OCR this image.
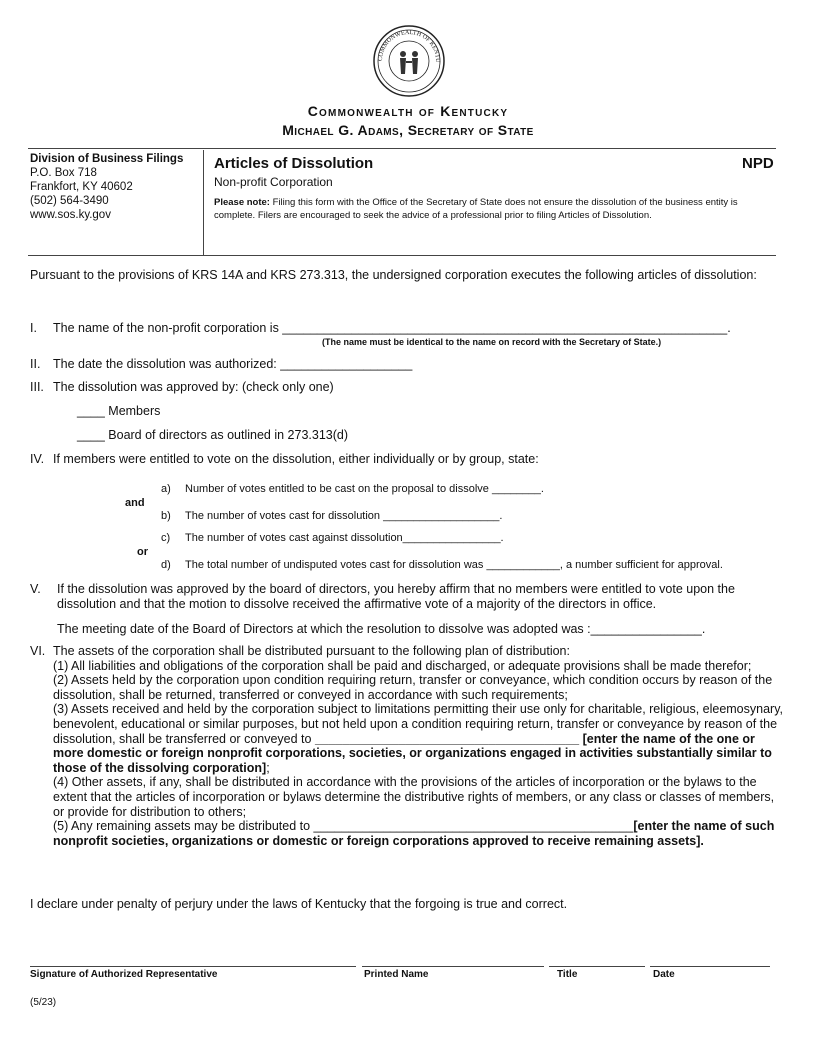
COMMONWEALTH OF KENTU
Commonwealth of Kentucky
Michael G. Adams, Secretary of State
Division of Business Filings
P.O. Box 718
Frankfort, KY 40602
(502) 564-3490
www.sos.ky.gov
Articles of Dissolution	NPD
Non-profit Corporation
Please note: Filing this form with the Office of the Secretary of State does not ensure the dissolution of the business entity is complete. Filers are encouraged to seek the advice of a professional prior to filing Articles of Dissolution.
Pursuant to the provisions of KRS 14A and KRS 273.313, the undersigned corporation executes the following articles of dissolution:
I.	The name of the non-profit corporation is ________________________________________________________________.
(The name must be identical to the name on record with the Secretary of State.)
II.	The date the dissolution was authorized: ___________________
III. The dissolution was approved by: (check only one)
____ Members
____ Board of directors as outlined in 273.313(d)
IV. If members were entitled to vote on the dissolution, either individually or by group, state:
a) Number of votes entitled to be cast on the proposal to dissolve ________.
and
b) The number of votes cast for dissolution ___________________.
c) The number of votes cast against dissolution________________.
or
d) The total number of undisputed votes cast for dissolution was ____________, a number sufficient for approval.
V.	If the dissolution was approved by the board of directors, you hereby affirm that no members were entitled to vote upon the dissolution and that the motion to dissolve received the affirmative vote of a majority of the directors in office.
The meeting date of the Board of Directors at which the resolution to dissolve was adopted was :________________.
VI. The assets of the corporation shall be distributed pursuant to the following plan of distribution:
(1) All liabilities and obligations of the corporation shall be paid and discharged, or adequate provisions shall be made therefor;
(2) Assets held by the corporation upon condition requiring return, transfer or conveyance, which condition occurs by reason of the dissolution, shall be returned, transferred or conveyed in accordance with such requirements;
(3) Assets received and held by the corporation subject to limitations permitting their use only for charitable, religious, eleemosynary, benevolent, educational or similar purposes, but not held upon a condition requiring return, transfer or conveyance by reason of the dissolution, shall be transferred or conveyed to ______________________________________ [enter the name of the one or more domestic or foreign nonprofit corporations, societies, or organizations engaged in activities substantially similar to those of the dissolving corporation];
(4) Other assets, if any, shall be distributed in accordance with the provisions of the articles of incorporation or the bylaws to the extent that the articles of incorporation or bylaws determine the distributive rights of members, or any class or classes of members, or provide for distribution to others;
(5) Any remaining assets may be distributed to ______________________________________________[enter the name of such nonprofit societies, organizations or domestic or foreign corporations approved to receive remaining assets].
I declare under penalty of perjury under the laws of Kentucky that the forgoing is true and correct.
Signature of Authorized Representative	Printed Name	Title	Date
(5/23)
